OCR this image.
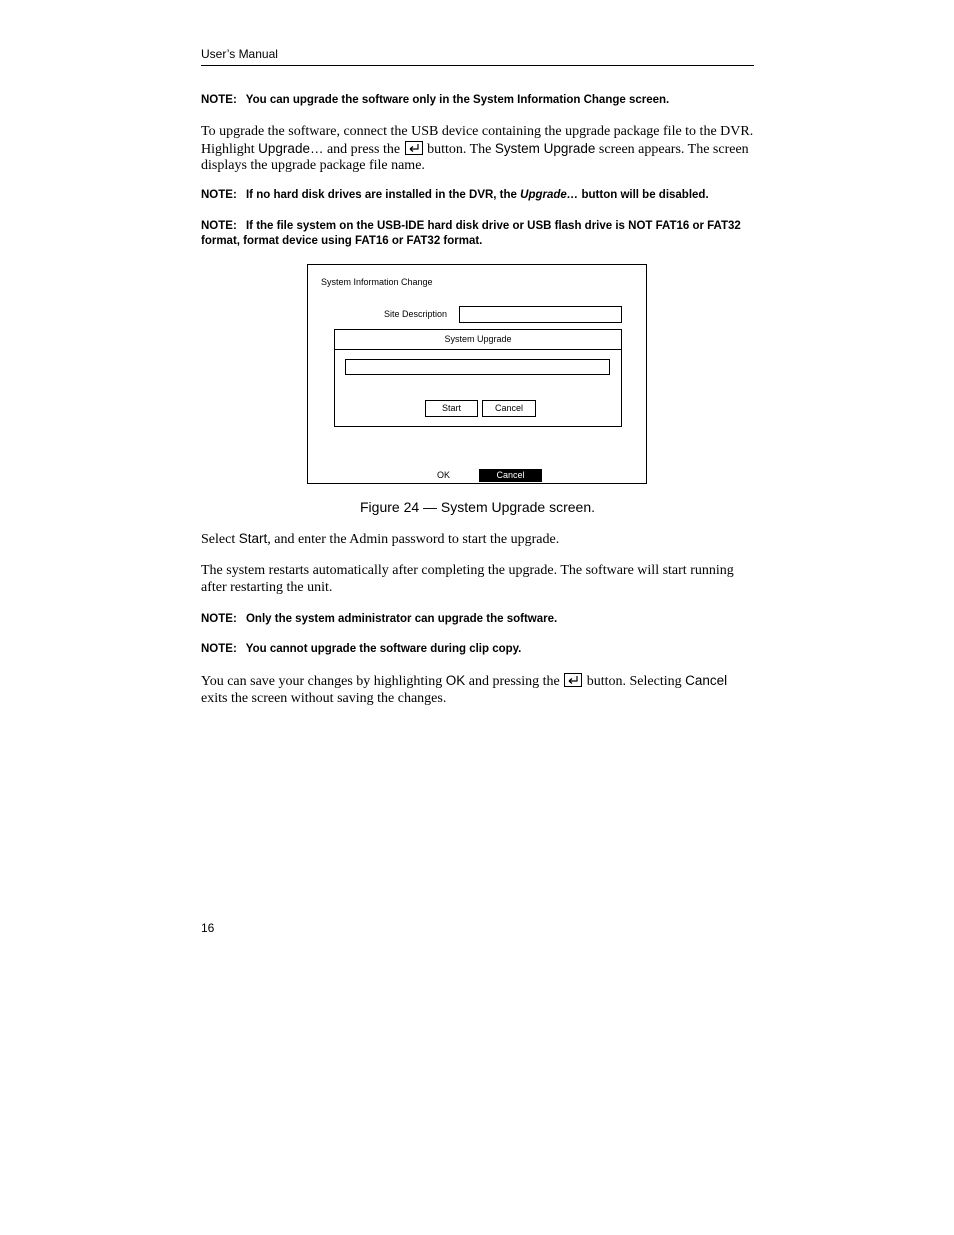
User’s Manual
NOTE: You can upgrade the software only in the System Information Change screen.
To upgrade the software, connect the USB device containing the upgrade package file to the DVR. Highlight Upgrade… and press the button. The System Upgrade screen appears. The screen displays the upgrade package file name.
NOTE: If no hard disk drives are installed in the DVR, the Upgrade… button will be disabled.
NOTE: If the file system on the USB-IDE hard disk drive or USB flash drive is NOT FAT16 or FAT32 format, format device using FAT16 or FAT32 format.
System Information Change
Site Description
System Upgrade
Start	Cancel
OK	Cancel
Figure 24 — System Upgrade screen.
Select Start, and enter the Admin password to start the upgrade.
The system restarts automatically after completing the upgrade. The software will start running after restarting the unit.
NOTE: Only the system administrator can upgrade the software.
NOTE: You cannot upgrade the software during clip copy.
You can save your changes by highlighting OK and pressing the button. Selecting Cancel exits the screen without saving the changes.
16
